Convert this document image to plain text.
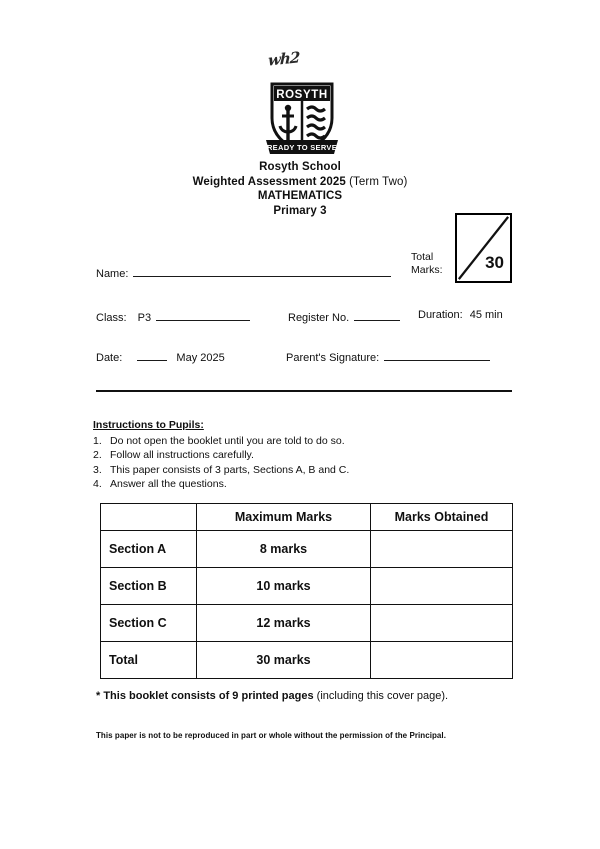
wh2
ROSYTH
READY TO SERVE
Rosyth School
Weighted Assessment 2025 (Term Two)
MATHEMATICS
Primary 3
Total
Marks:	30
Name:
Class: P3	Register No.	Duration: 45 min
Date:	May 2025	Parent's Signature:
Instructions to Pupils:
1. Do not open the booklet until you are told to do so.
2. Follow all instructions carefully.
3. This paper consists of 3 parts, Sections A, B and C.
4. Answer all the questions.
	Maximum Marks	Marks Obtained
Section A	8 marks	
Section B	10 marks	
Section C	12 marks	
Total	30 marks	
* This booklet consists of 9 printed pages (including this cover page).
This paper is not to be reproduced in part or whole without the permission of the Principal.
